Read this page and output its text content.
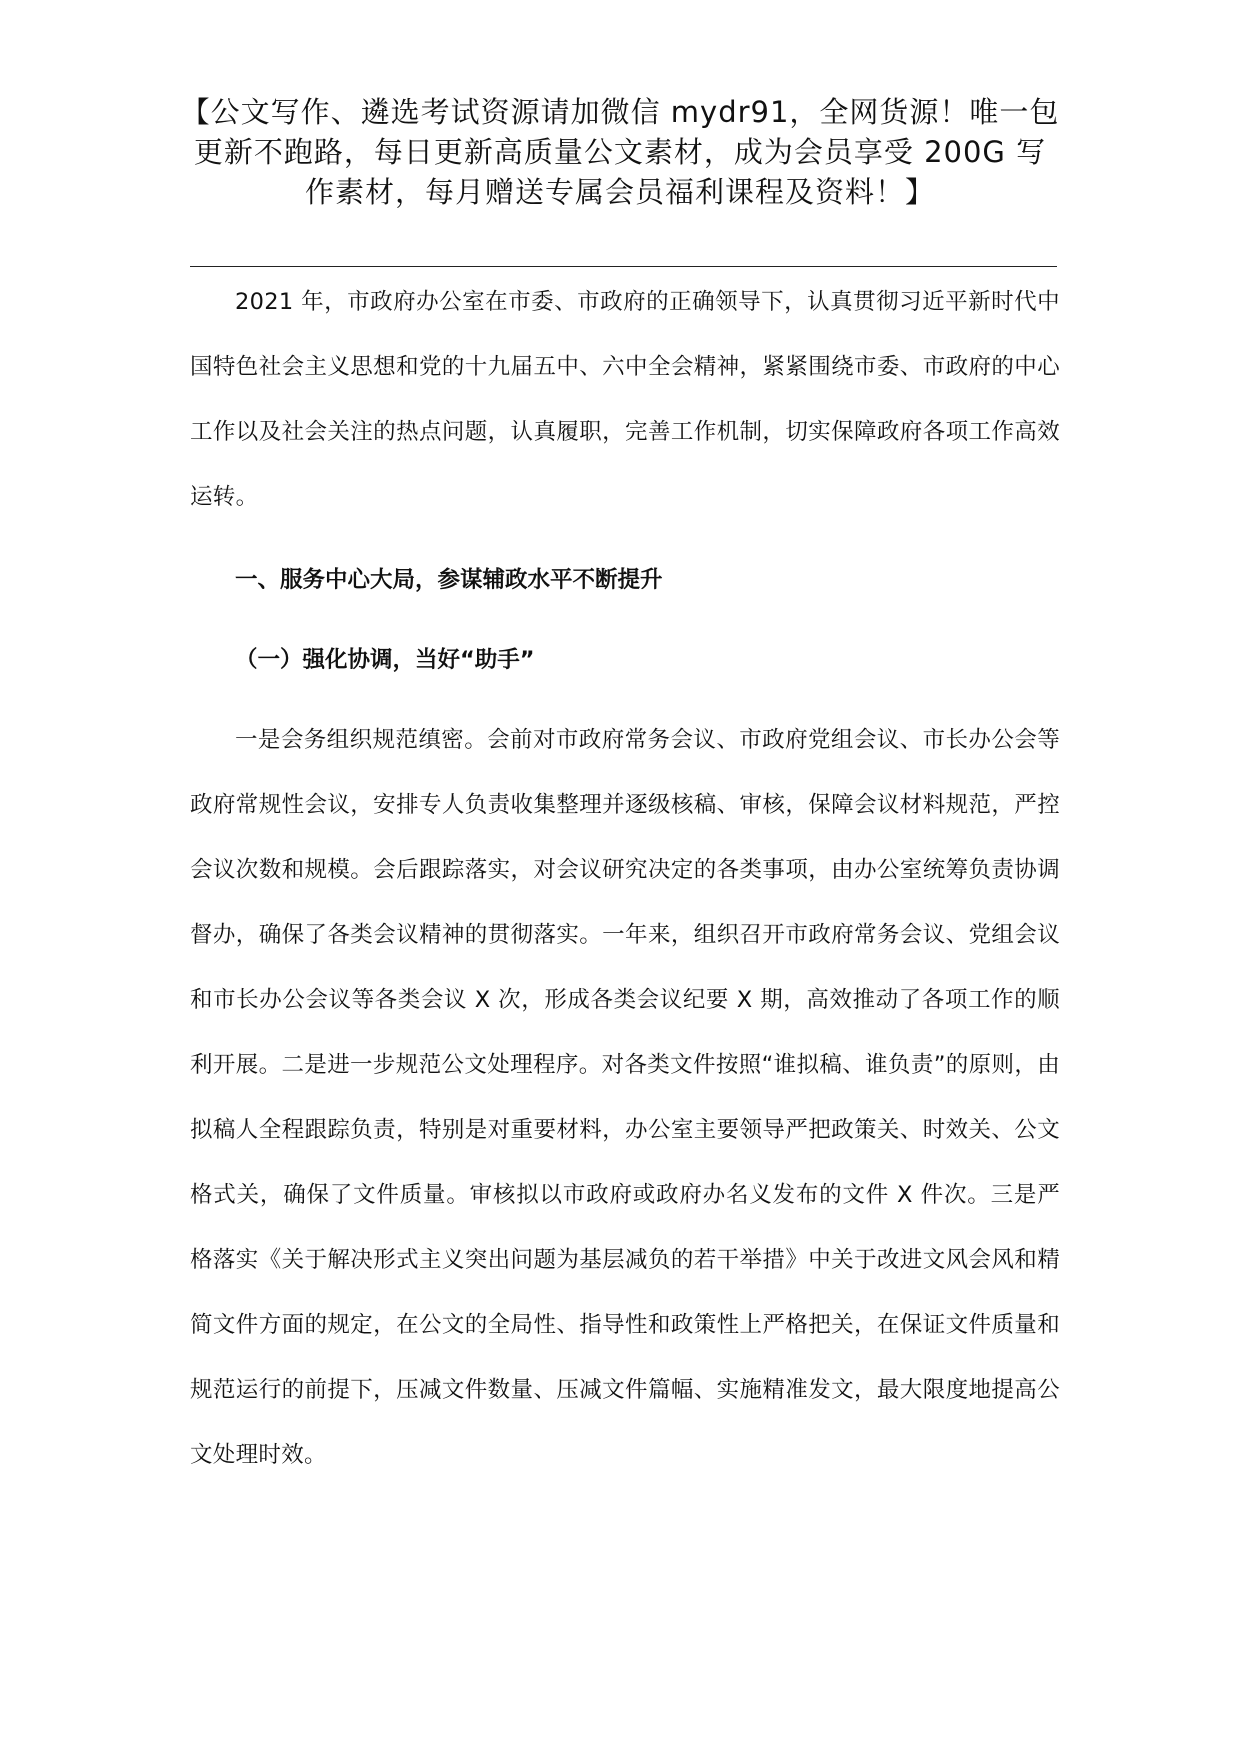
【公文写作、遴选考试资源请加微信 mydr91，全网货源！唯一包更新不跑路，每日更新高质量公文素材，成为会员享受 200G 写作素材，每月赠送专属会员福利课程及资料！】

2021 年，市政府办公室在市委、市政府的正确领导下，认真贯彻习近平新时代中国特色社会主义思想和党的十九届五中、六中全会精神，紧紧围绕市委、市政府的中心工作以及社会关注的热点问题，认真履职，完善工作机制，切实保障政府各项工作高效运转。

一、服务中心大局，参谋辅政水平不断提升

（一）强化协调，当好“助手”

一是会务组织规范缜密。会前对市政府常务会议、市政府党组会议、市长办公会等政府常规性会议，安排专人负责收集整理并逐级核稿、审核，保障会议材料规范，严控会议次数和规模。会后跟踪落实，对会议研究决定的各类事项，由办公室统筹负责协调督办，确保了各类会议精神的贯彻落实。一年来，组织召开市政府常务会议、党组会议和市长办公会议等各类会议 X 次，形成各类会议纪要 X 期，高效推动了各项工作的顺利开展。二是进一步规范公文处理程序。对各类文件按照“谁拟稿、谁负责”的原则，由拟稿人全程跟踪负责，特别是对重要材料，办公室主要领导严把政策关、时效关、公文格式关，确保了文件质量。审核拟以市政府或政府办名义发布的文件 X 件次。三是严格落实《关于解决形式主义突出问题为基层减负的若干举措》中关于改进文风会风和精简文件方面的规定，在公文的全局性、指导性和政策性上严格把关，在保证文件质量和规范运行的前提下，压减文件数量、压减文件篇幅、实施精准发文，最大限度地提高公文处理时效。
